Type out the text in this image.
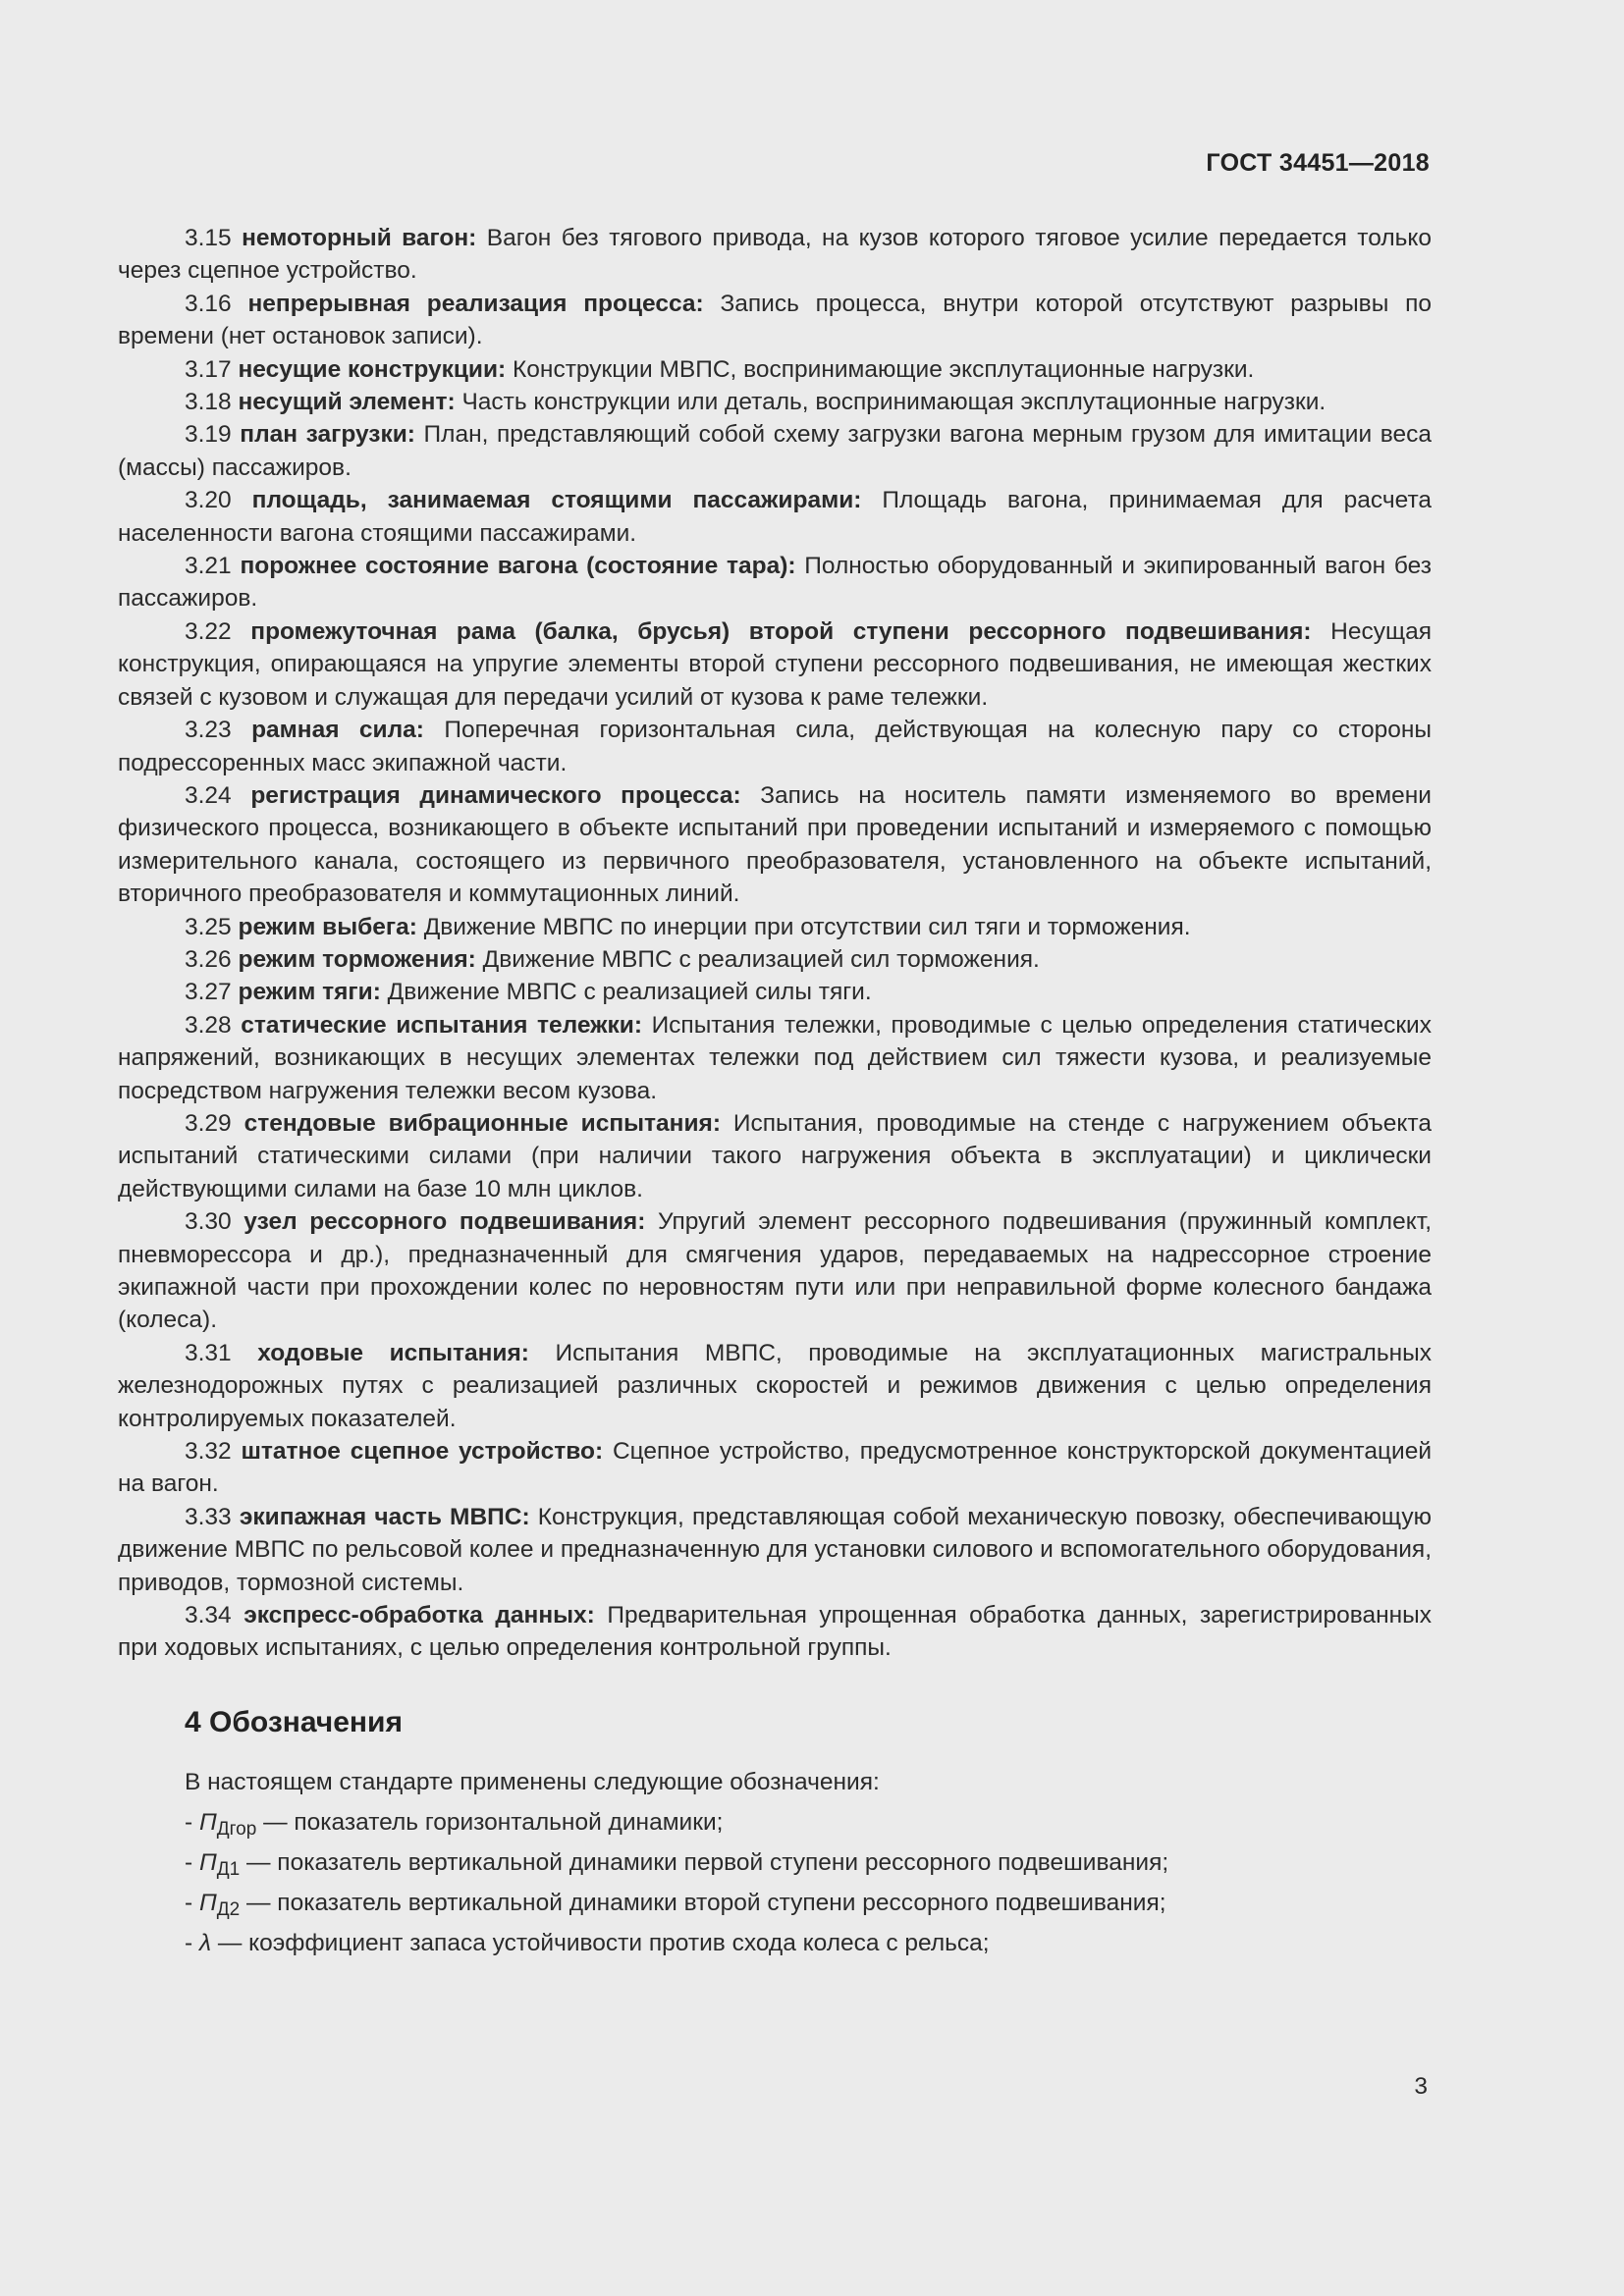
ГОСТ 34451—2018

3.15 немоторный вагон: Вагон без тягового привода, на кузов которого тяговое усилие передается только через сцепное устройство.

3.16 непрерывная реализация процесса: Запись процесса, внутри которой отсутствуют разрывы по времени (нет остановок записи).

3.17 несущие конструкции: Конструкции МВПС, воспринимающие эксплутационные нагрузки.

3.18 несущий элемент: Часть конструкции или деталь, воспринимающая эксплутационные нагрузки.

3.19 план загрузки: План, представляющий собой схему загрузки вагона мерным грузом для имитации веса (массы) пассажиров.

3.20 площадь, занимаемая стоящими пассажирами: Площадь вагона, принимаемая для расчета населенности вагона стоящими пассажирами.

3.21 порожнее состояние вагона (состояние тара): Полностью оборудованный и экипированный вагон без пассажиров.

3.22 промежуточная рама (балка, брусья) второй ступени рессорного подвешивания: Несущая конструкция, опирающаяся на упругие элементы второй ступени рессорного подвешивания, не имеющая жестких связей с кузовом и служащая для передачи усилий от кузова к раме тележки.

3.23 рамная сила: Поперечная горизонтальная сила, действующая на колесную пару со стороны подрессоренных масс экипажной части.

3.24 регистрация динамического процесса: Запись на носитель памяти изменяемого во времени физического процесса, возникающего в объекте испытаний при проведении испытаний и измеряемого с помощью измерительного канала, состоящего из первичного преобразователя, установленного на объекте испытаний, вторичного преобразователя и коммутационных линий.

3.25 режим выбега: Движение МВПС по инерции при отсутствии сил тяги и торможения.

3.26 режим торможения: Движение МВПС с реализацией сил торможения.

3.27 режим тяги: Движение МВПС с реализацией силы тяги.

3.28 статические испытания тележки: Испытания тележки, проводимые с целью определения статических напряжений, возникающих в несущих элементах тележки под действием сил тяжести кузова, и реализуемые посредством нагружения тележки весом кузова.

3.29 стендовые вибрационные испытания: Испытания, проводимые на стенде с нагружением объекта испытаний статическими силами (при наличии такого нагружения объекта в эксплуатации) и циклически действующими силами на базе 10 млн циклов.

3.30 узел рессорного подвешивания: Упругий элемент рессорного подвешивания (пружинный комплект, пневморессора и др.), предназначенный для смягчения ударов, передаваемых на надрессорное строение экипажной части при прохождении колес по неровностям пути или при неправильной форме колесного бандажа (колеса).

3.31 ходовые испытания: Испытания МВПС, проводимые на эксплуатационных магистральных железнодорожных путях с реализацией различных скоростей и режимов движения с целью определения контролируемых показателей.

3.32 штатное сцепное устройство: Сцепное устройство, предусмотренное конструкторской документацией на вагон.

3.33 экипажная часть МВПС: Конструкция, представляющая собой механическую повозку, обеспечивающую движение МВПС по рельсовой колее и предназначенную для установки силового и вспомогательного оборудования, приводов, тормозной системы.

3.34 экспресс-обработка данных: Предварительная упрощенная обработка данных, зарегистрированных при ходовых испытаниях, с целью определения контрольной группы.

4 Обозначения

В настоящем стандарте применены следующие обозначения:

- $П_{Дгор}$ — показатель горизонтальной динамики;
- $П_{Д1}$ — показатель вертикальной динамики первой ступени рессорного подвешивания;
- $П_{Д2}$ — показатель вертикальной динамики второй ступени рессорного подвешивания;
- λ — коэффициент запаса устойчивости против схода колеса с рельса;
3
